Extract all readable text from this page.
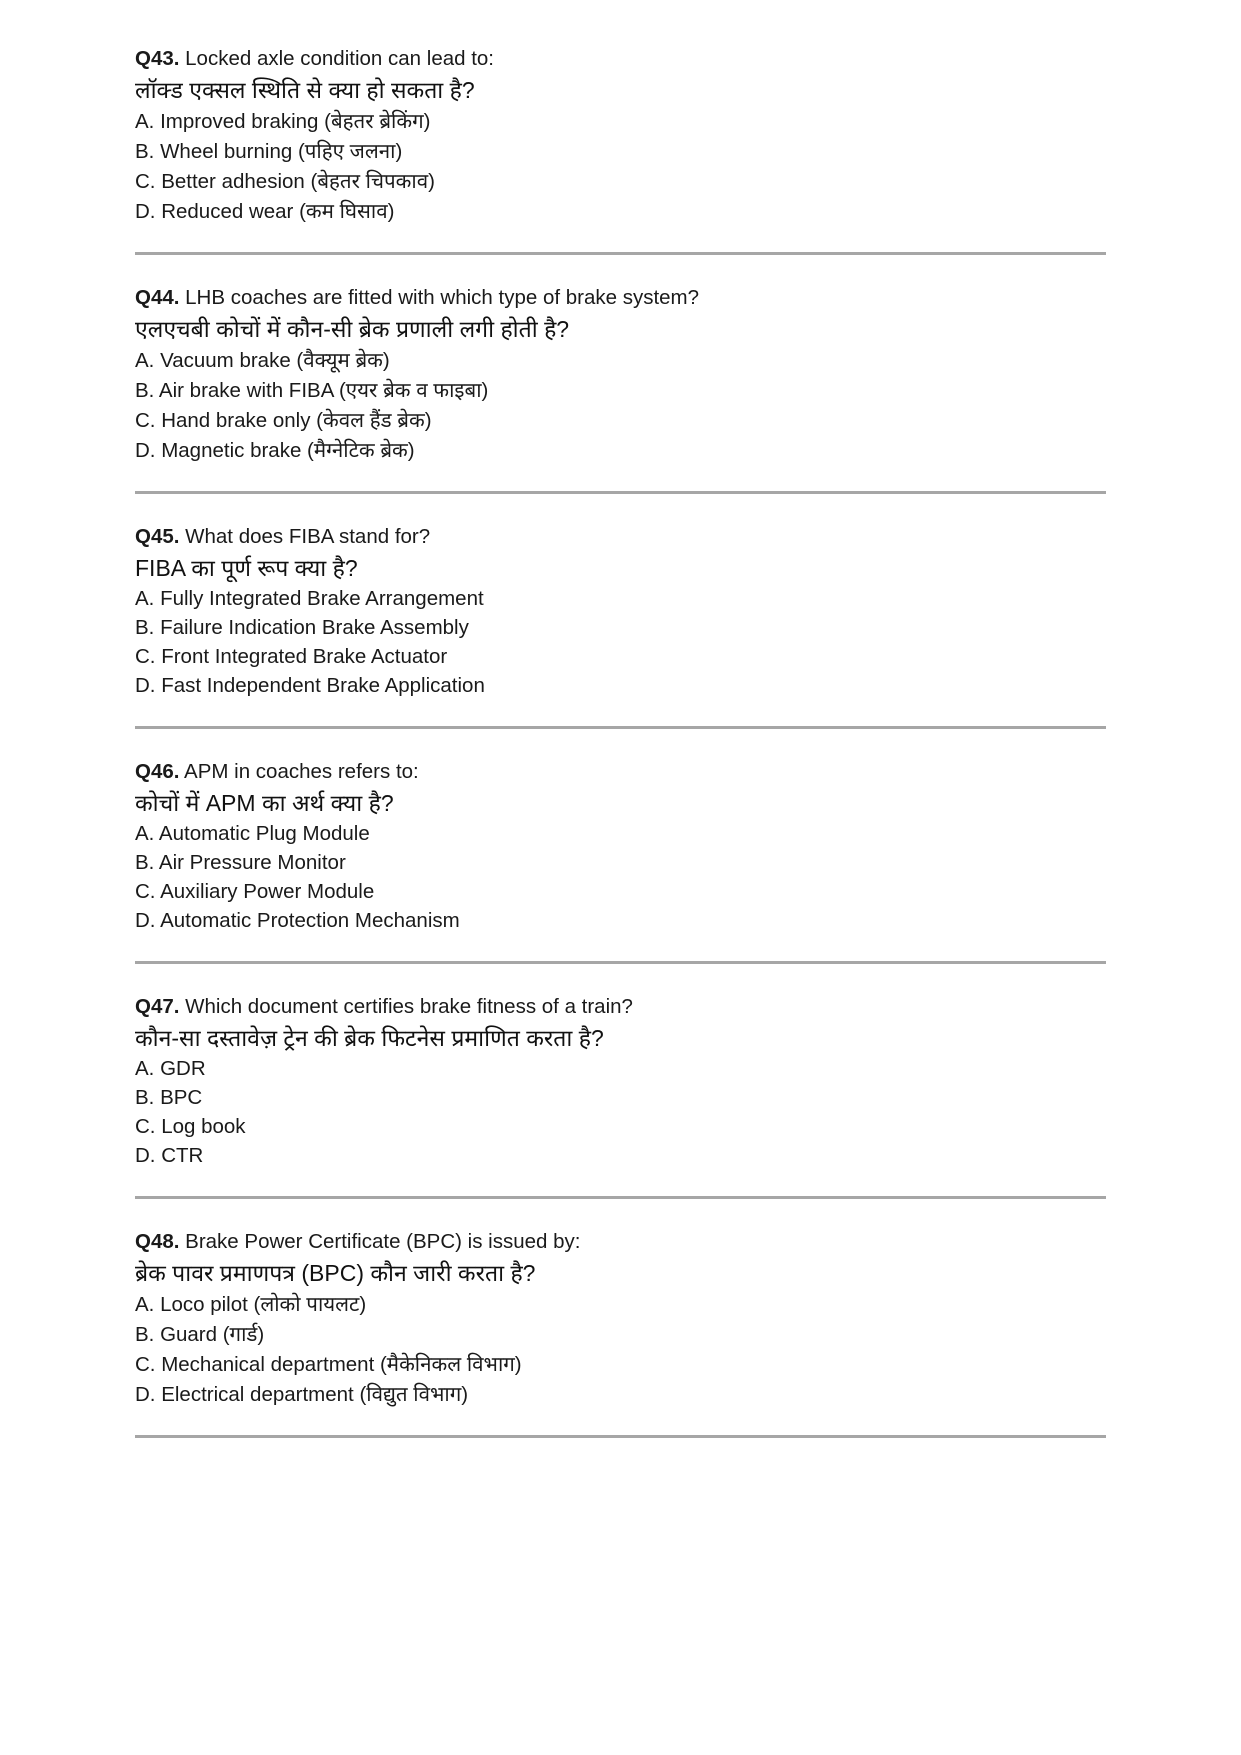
Q43. Locked axle condition can lead to:
लॉक्ड एक्सल स्थिति से क्या हो सकता है?
A. Improved braking (बेहतर ब्रेकिंग)
B. Wheel burning (पहिए जलना)
C. Better adhesion (बेहतर चिपकाव)
D. Reduced wear (कम घिसाव)
Q44. LHB coaches are fitted with which type of brake system?
एलएचबी कोचों में कौन-सी ब्रेक प्रणाली लगी होती है?
A. Vacuum brake (वैक्यूम ब्रेक)
B. Air brake with FIBA (एयर ब्रेक व फाइबा)
C. Hand brake only (केवल हैंड ब्रेक)
D. Magnetic brake (मैग्नेटिक ब्रेक)
Q45. What does FIBA stand for?
FIBA का पूर्ण रूप क्या है?
A. Fully Integrated Brake Arrangement
B. Failure Indication Brake Assembly
C. Front Integrated Brake Actuator
D. Fast Independent Brake Application
Q46. APM in coaches refers to:
कोचों में APM का अर्थ क्या है?
A. Automatic Plug Module
B. Air Pressure Monitor
C. Auxiliary Power Module
D. Automatic Protection Mechanism
Q47. Which document certifies brake fitness of a train?
कौन-सा दस्तावेज़ ट्रेन की ब्रेक फिटनेस प्रमाणित करता है?
A. GDR
B. BPC
C. Log book
D. CTR
Q48. Brake Power Certificate (BPC) is issued by:
ब्रेक पावर प्रमाणपत्र (BPC) कौन जारी करता है?
A. Loco pilot (लोको पायलट)
B. Guard (गार्ड)
C. Mechanical department (मैकेनिकल विभाग)
D. Electrical department (विद्युत विभाग)
